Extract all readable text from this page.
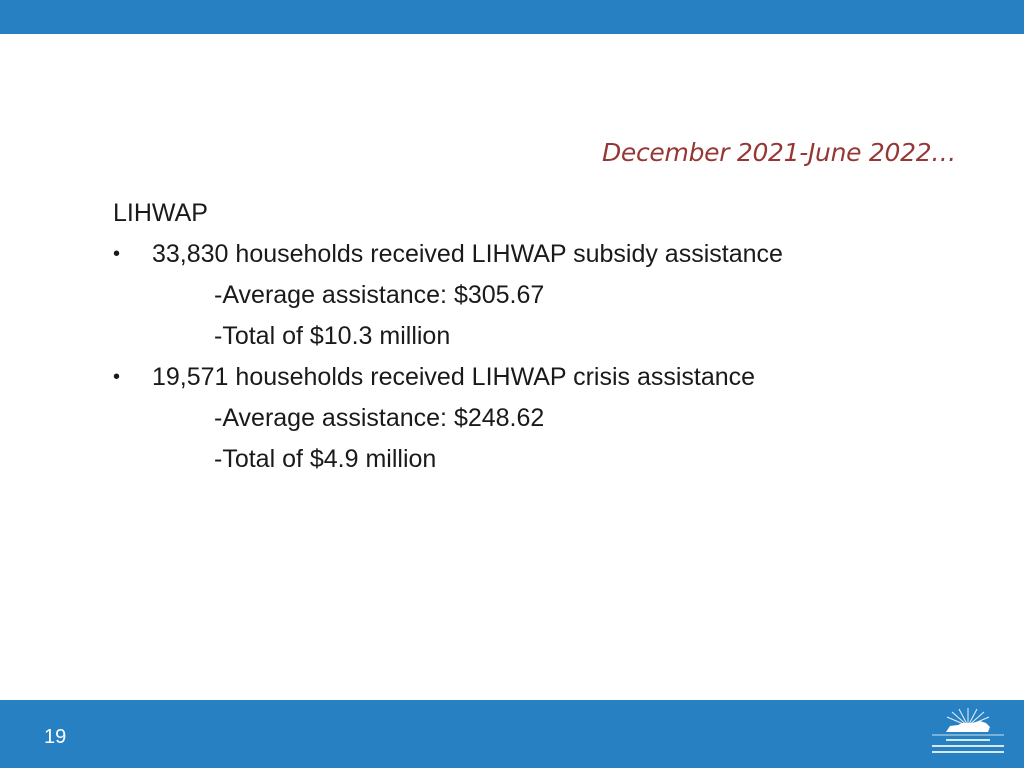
December 2021-June 2022…
LIHWAP
• 33,830 households received LIHWAP subsidy assistance
-Average assistance: $305.67
-Total of $10.3 million
• 19,571 households received LIHWAP crisis assistance
-Average assistance: $248.62
-Total of $4.9 million
19
